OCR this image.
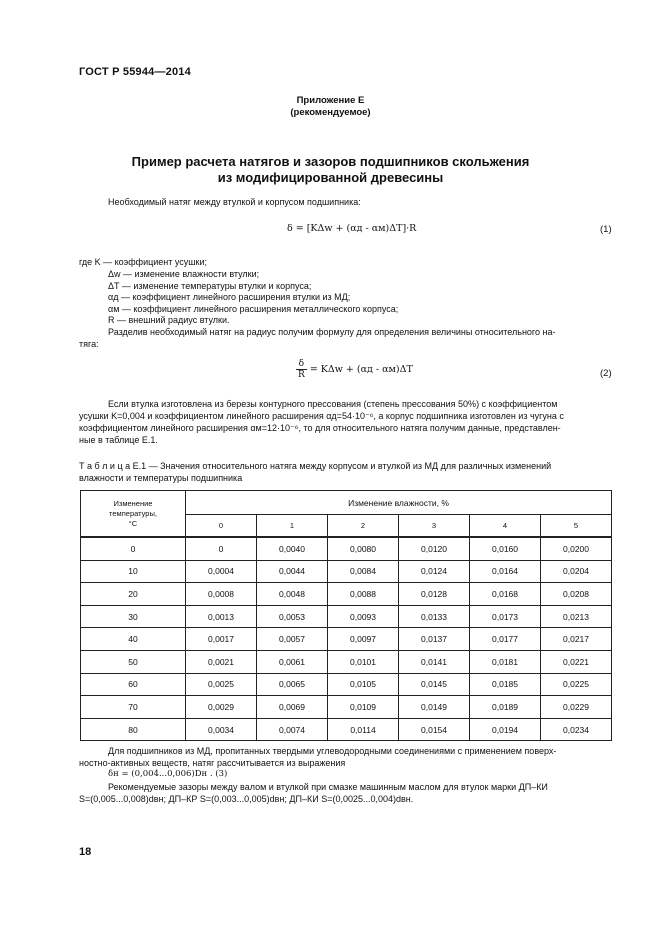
ГОСТ Р 55944—2014
Приложение Е
(рекомендуемое)
Пример расчета натягов и зазоров подшипников скольжения
из модифицированной древесины
Необходимый натяг между втулкой и корпусом подшипника:
δ = [KΔw + (αд - αм)ΔT]·R	(1)
где K — коэффициент усушки;
Δw — изменение влажности втулки;
ΔT — изменение температуры втулки и корпуса;
αд — коэффициент линейного расширения втулки из МД;
αм — коэффициент линейного расширения металлического корпуса;
R — внешний радиус втулки.
Разделив необходимый натяг на радиус получим формулу для определения величины относительного на-
тяга:
$\frac{\delta}{R} = K\Delta w + (\alpha д - \alpha м)\Delta T$	(2)
Если втулка изготовлена из березы контурного прессования (степень прессования 50%) с коэффициентом
усушки K=0,004 и коэффициентом линейного расширения αд=54·10⁻⁶, а корпус подшипника изготовлен из чугуна с
коэффициентом линейного расширения αм=12·10⁻⁶, то для относительного натяга получим данные, представлен-
ные в таблице Е.1.
Т а б л и ц а Е.1 — Значения относительного натяга между корпусом и втулкой из МД для различных изменений
влажности и температуры подшипника
Изменение
температуры,
°С	Изменение влажности, %					
	0	1	2	3	4	5
0	0	0,0040	0,0080	0,0120	0,0160	0,0200
10	0,0004	0,0044	0,0084	0,0124	0,0164	0,0204
20	0,0008	0,0048	0,0088	0,0128	0,0168	0,0208
30	0,0013	0,0053	0,0093	0,0133	0,0173	0,0213
40	0,0017	0,0057	0,0097	0,0137	0,0177	0,0217
50	0,0021	0,0061	0,0101	0,0141	0,0181	0,0221
60	0,0025	0,0065	0,0105	0,0145	0,0185	0,0225
70	0,0029	0,0069	0,0109	0,0149	0,0189	0,0229
80	0,0034	0,0074	0,0114	0,0154	0,0194	0,0234
Для подшипников из МД, пропитанных твердыми углеводородными соединениями с применением поверх-
ностно-активных веществ, натяг рассчитывается из выражения
δн = (0,004...0,006)Dн . (3)
Рекомендуемые зазоры между валом и втулкой при смазке машинным маслом для втулок марки ДП–КИ
S=(0,005...0,008)dвн; ДП–КР S=(0,003...0,005)dвн; ДП–КИ S=(0,0025...0,004)dвн.
18
